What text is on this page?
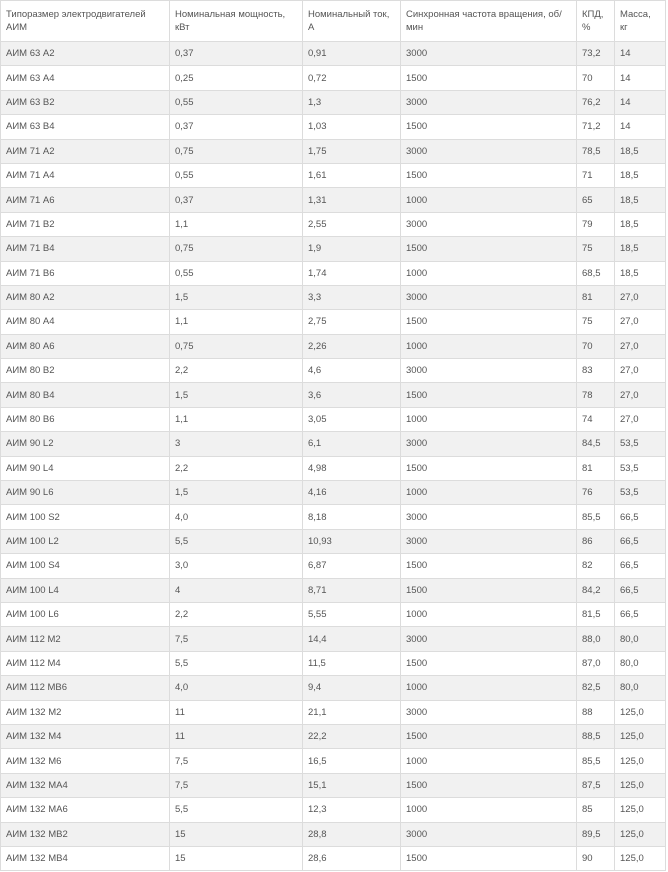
Типоразмер электродвигателей АИМ	Номинальная мощность, кВт	Номинальный ток, А	Синхронная частота вращения, об/мин	КПД, %	Масса, кг
АИМ 63 А2	0,37	0,91	3000	73,2	14
АИМ 63 А4	0,25	0,72	1500	70	14
АИМ 63 В2	0,55	1,3	3000	76,2	14
АИМ 63 В4	0,37	1,03	1500	71,2	14
АИМ 71 А2	0,75	1,75	3000	78,5	18,5
АИМ 71 А4	0,55	1,61	1500	71	18,5
АИМ 71 А6	0,37	1,31	1000	65	18,5
АИМ 71 В2	1,1	2,55	3000	79	18,5
АИМ 71 В4	0,75	1,9	1500	75	18,5
АИМ 71 В6	0,55	1,74	1000	68,5	18,5
АИМ 80 А2	1,5	3,3	3000	81	27,0
АИМ 80 А4	1,1	2,75	1500	75	27,0
АИМ 80 А6	0,75	2,26	1000	70	27,0
АИМ 80 В2	2,2	4,6	3000	83	27,0
АИМ 80 В4	1,5	3,6	1500	78	27,0
АИМ 80 В6	1,1	3,05	1000	74	27,0
АИМ 90 L2	3	6,1	3000	84,5	53,5
АИМ 90 L4	2,2	4,98	1500	81	53,5
АИМ 90 L6	1,5	4,16	1000	76	53,5
АИМ 100 S2	4,0	8,18	3000	85,5	66,5
АИМ 100 L2	5,5	10,93	3000	86	66,5
АИМ 100 S4	3,0	6,87	1500	82	66,5
АИМ 100 L4	4	8,71	1500	84,2	66,5
АИМ 100 L6	2,2	5,55	1000	81,5	66,5
АИМ 112 М2	7,5	14,4	3000	88,0	80,0
АИМ 112 М4	5,5	11,5	1500	87,0	80,0
АИМ 112 МВ6	4,0	9,4	1000	82,5	80,0
АИМ 132 М2	11	21,1	3000	88	125,0
АИМ 132 М4	11	22,2	1500	88,5	125,0
АИМ 132 М6	7,5	16,5	1000	85,5	125,0
АИМ 132 МА4	7,5	15,1	1500	87,5	125,0
АИМ 132 МА6	5,5	12,3	1000	85	125,0
АИМ 132 МВ2	15	28,8	3000	89,5	125,0
АИМ 132 МВ4	15	28,6	1500	90	125,0
